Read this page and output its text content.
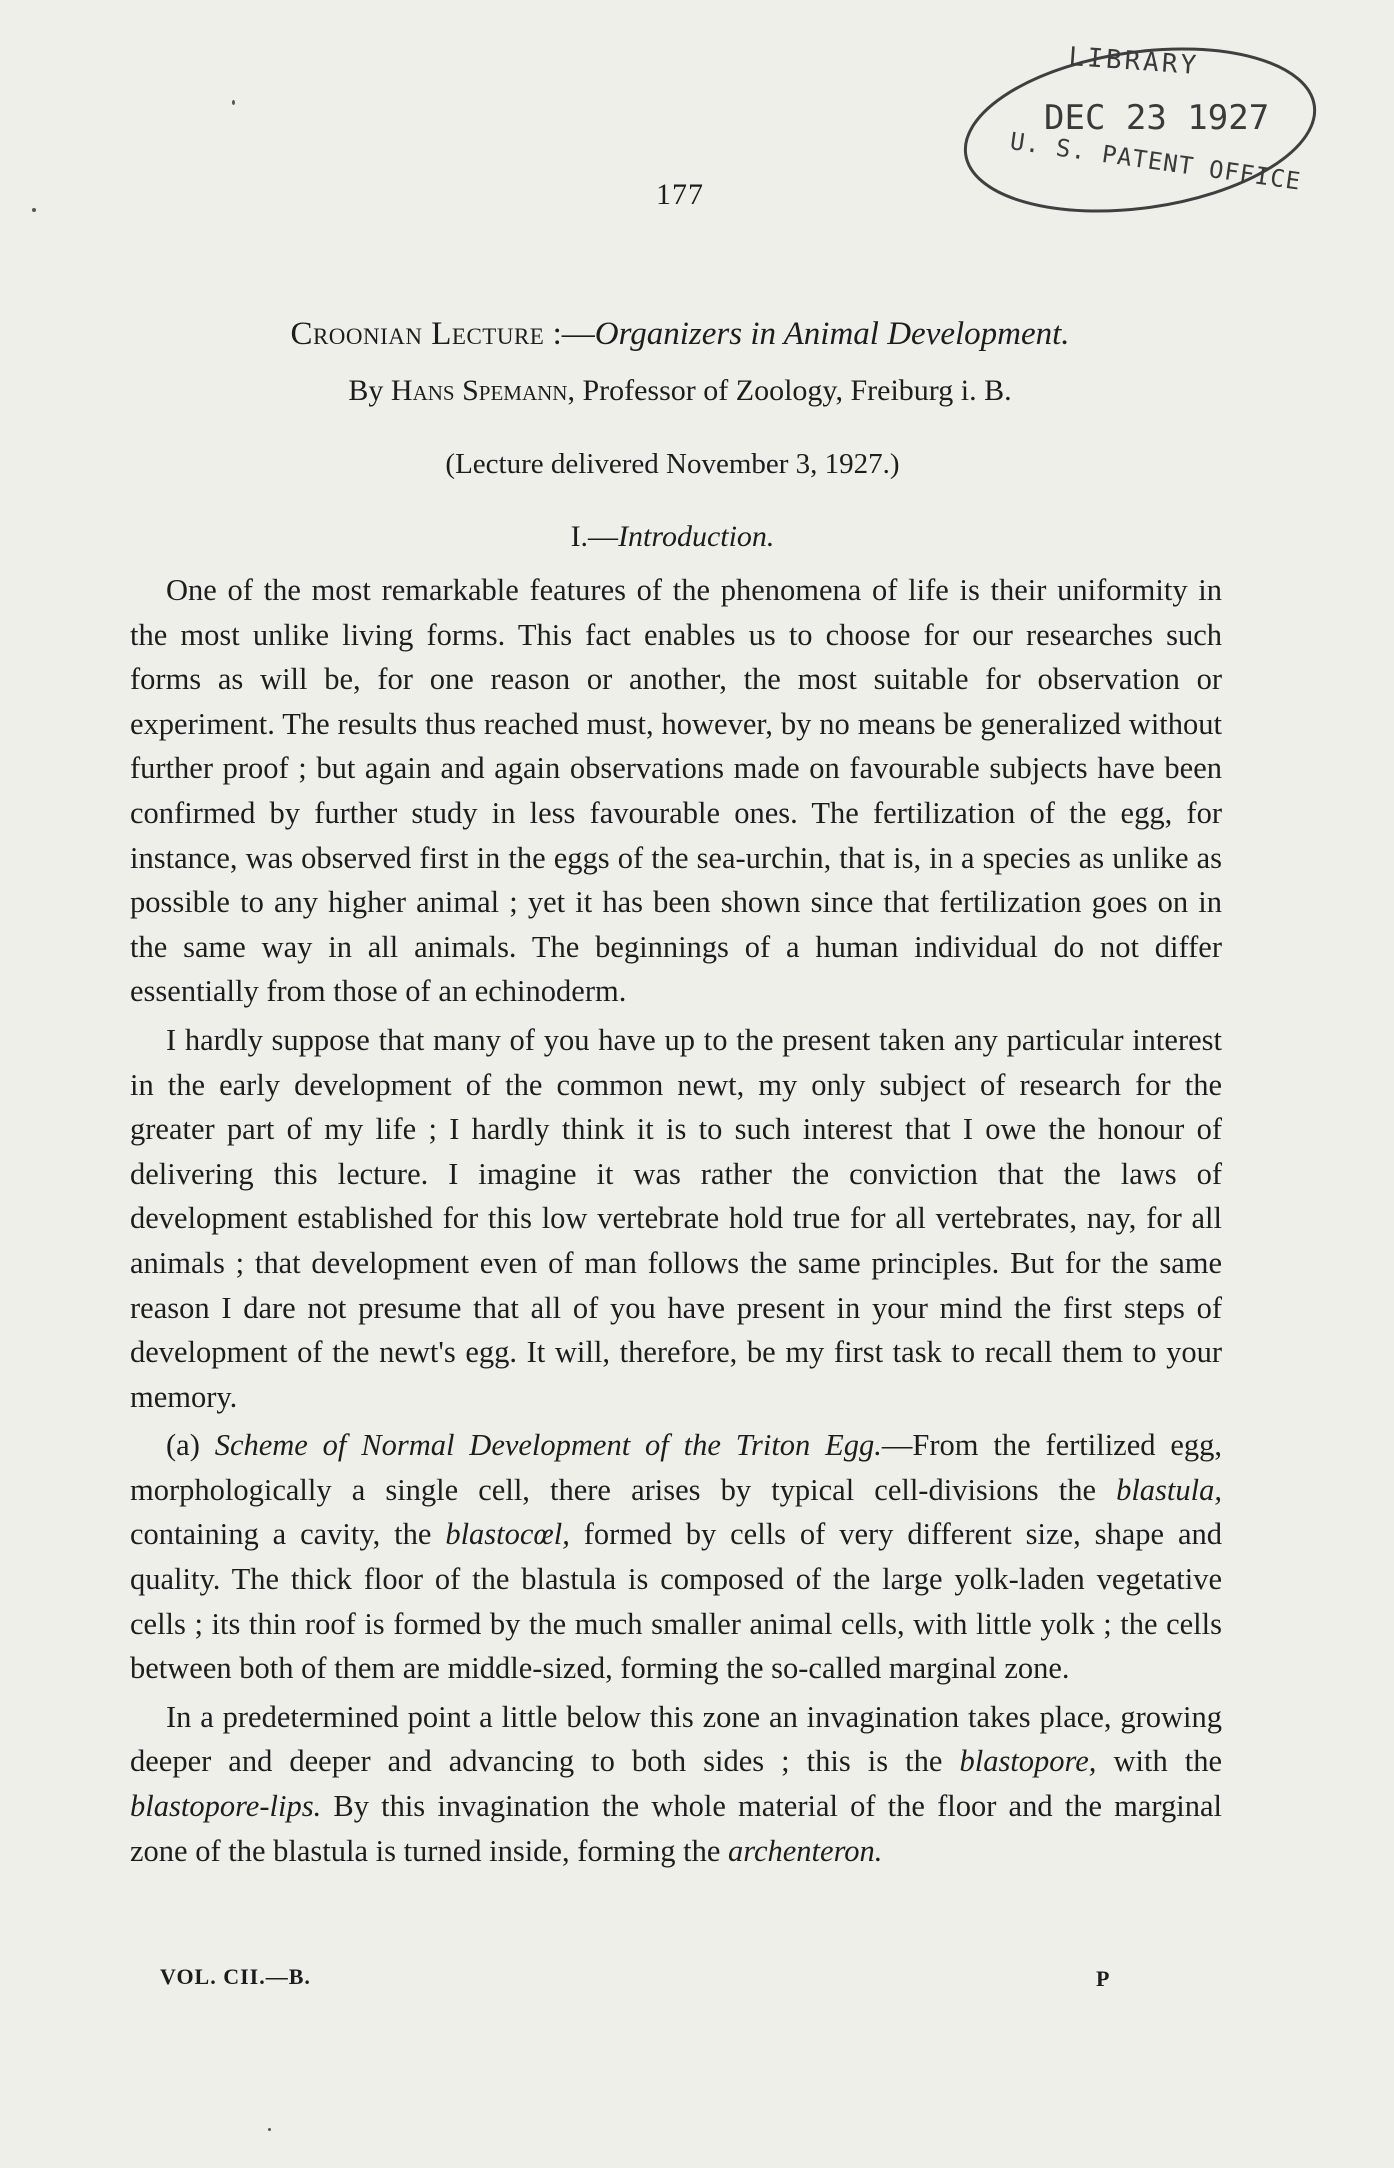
LIBRARY
DEC 23 1927
U. S. PATENT OFFICE
177
Croonian Lecture :—Organizers in Animal Development.
By Hans Spemann, Professor of Zoology, Freiburg i. B.
(Lecture delivered November 3, 1927.)
I.—Introduction.

One of the most remarkable features of the phenomena of life is their uniformity in the most unlike living forms. This fact enables us to choose for our researches such forms as will be, for one reason or another, the most suitable for observation or experiment. The results thus reached must, however, by no means be generalized without further proof ; but again and again observations made on favourable subjects have been confirmed by further study in less favourable ones. The fertilization of the egg, for instance, was observed first in the eggs of the sea-urchin, that is, in a species as unlike as possible to any higher animal ; yet it has been shown since that fertilization goes on in the same way in all animals. The beginnings of a human individual do not differ essentially from those of an echinoderm.

I hardly suppose that many of you have up to the present taken any particular interest in the early development of the common newt, my only subject of research for the greater part of my life ; I hardly think it is to such interest that I owe the honour of delivering this lecture. I imagine it was rather the conviction that the laws of development established for this low vertebrate hold true for all vertebrates, nay, for all animals ; that development even of man follows the same principles. But for the same reason I dare not presume that all of you have present in your mind the first steps of development of the newt's egg. It will, therefore, be my first task to recall them to your memory.

(a) Scheme of Normal Development of the Triton Egg.—From the fertilized egg, morphologically a single cell, there arises by typical cell-divisions the blastula, containing a cavity, the blastocœl, formed by cells of very different size, shape and quality. The thick floor of the blastula is composed of the large yolk-laden vegetative cells ; its thin roof is formed by the much smaller animal cells, with little yolk ; the cells between both of them are middle-sized, forming the so-called marginal zone.

In a predetermined point a little below this zone an invagination takes place, growing deeper and deeper and advancing to both sides ; this is the blastopore, with the blastopore-lips. By this invagination the whole material of the floor and the marginal zone of the blastula is turned inside, forming the archenteron.

VOL. CII.—B.	P
